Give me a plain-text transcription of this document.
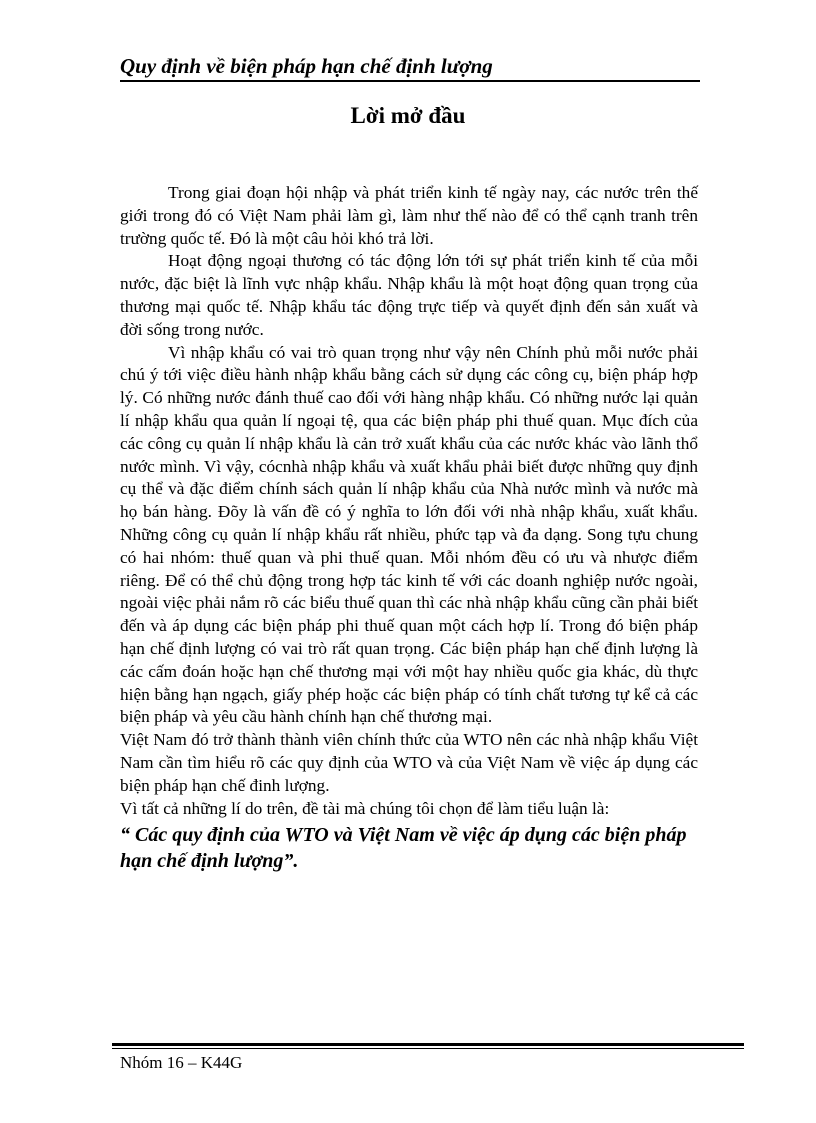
Quy định về biện pháp hạn chế định lượng
Lời mở đầu

Trong giai đoạn hội nhập và phát triển kinh tế ngày nay, các nước trên thế giới trong đó có Việt Nam phải làm gì, làm như thế nào để có thể cạnh tranh trên trường quốc tế. Đó là một câu hỏi khó trả lời.

Hoạt động ngoại thương có tác động lớn tới sự phát triển kinh tế của mỗi nước, đặc biệt là lĩnh vực nhập khẩu. Nhập khẩu là một hoạt động quan trọng của thương mại quốc tế. Nhập khẩu tác động trực tiếp và quyết định đến sản xuất và đời sống trong nước.

Vì nhập khẩu có vai trò quan trọng như vậy nên Chính phủ mỗi nước phải chú ý tới việc điều hành nhập khẩu bằng cách sử dụng các công cụ, biện pháp hợp lý. Có những nước đánh thuế cao đối với hàng nhập khẩu. Có những nước lại quản lí nhập khẩu qua quản lí ngoại tệ, qua các biện pháp phi thuế quan. Mục đích của các công cụ quản lí nhập khẩu là cản trở xuất khẩu của các nước khác vào lãnh thổ nước mình. Vì vậy, cócnhà nhập khẩu và xuất khẩu phải biết được những quy định cụ thể và đặc điểm chính sách quản lí nhập khẩu của Nhà nước mình và nước mà họ bán hàng. Đõy là vấn đề có ý nghĩa to lớn đối với nhà nhập khẩu, xuất khẩu. Những công cụ quản lí nhập khẩu rất nhiều, phức tạp và đa dạng. Song tựu chung có hai nhóm: thuế quan và phi thuế quan. Mỗi nhóm đều có ưu và nhược điểm riêng. Để có thể chủ động trong hợp tác kinh tế với các doanh nghiệp nước ngoài, ngoài việc phải nắm rõ các biểu thuế quan thì các nhà nhập khẩu cũng cần phải biết đến và áp dụng các biện pháp phi thuế quan một cách hợp lí. Trong đó biện pháp hạn chế định lượng có vai trò rất quan trọng. Các biện pháp hạn chế định lượng là các cấm đoán hoặc hạn chế thương mại với một hay nhiều quốc gia khác, dù thực hiện bằng hạn ngạch, giấy phép hoặc các biện pháp có tính chất tương tự kể cả các biện pháp và yêu cầu hành chính hạn chế thương mại.

Việt Nam đó trở thành thành viên chính thức của WTO nên các nhà nhập khẩu Việt Nam cần tìm hiểu rõ các quy định của WTO và của Việt Nam về việc áp dụng các biện pháp hạn chế đinh lượng.

Vì tất cả những lí do trên, đề tài mà chúng tôi chọn để làm tiểu luận là:

“ Các quy định của WTO và Việt Nam về việc áp dụng các biện pháp hạn chế định lượng”.

Nhóm 16 – K44G
